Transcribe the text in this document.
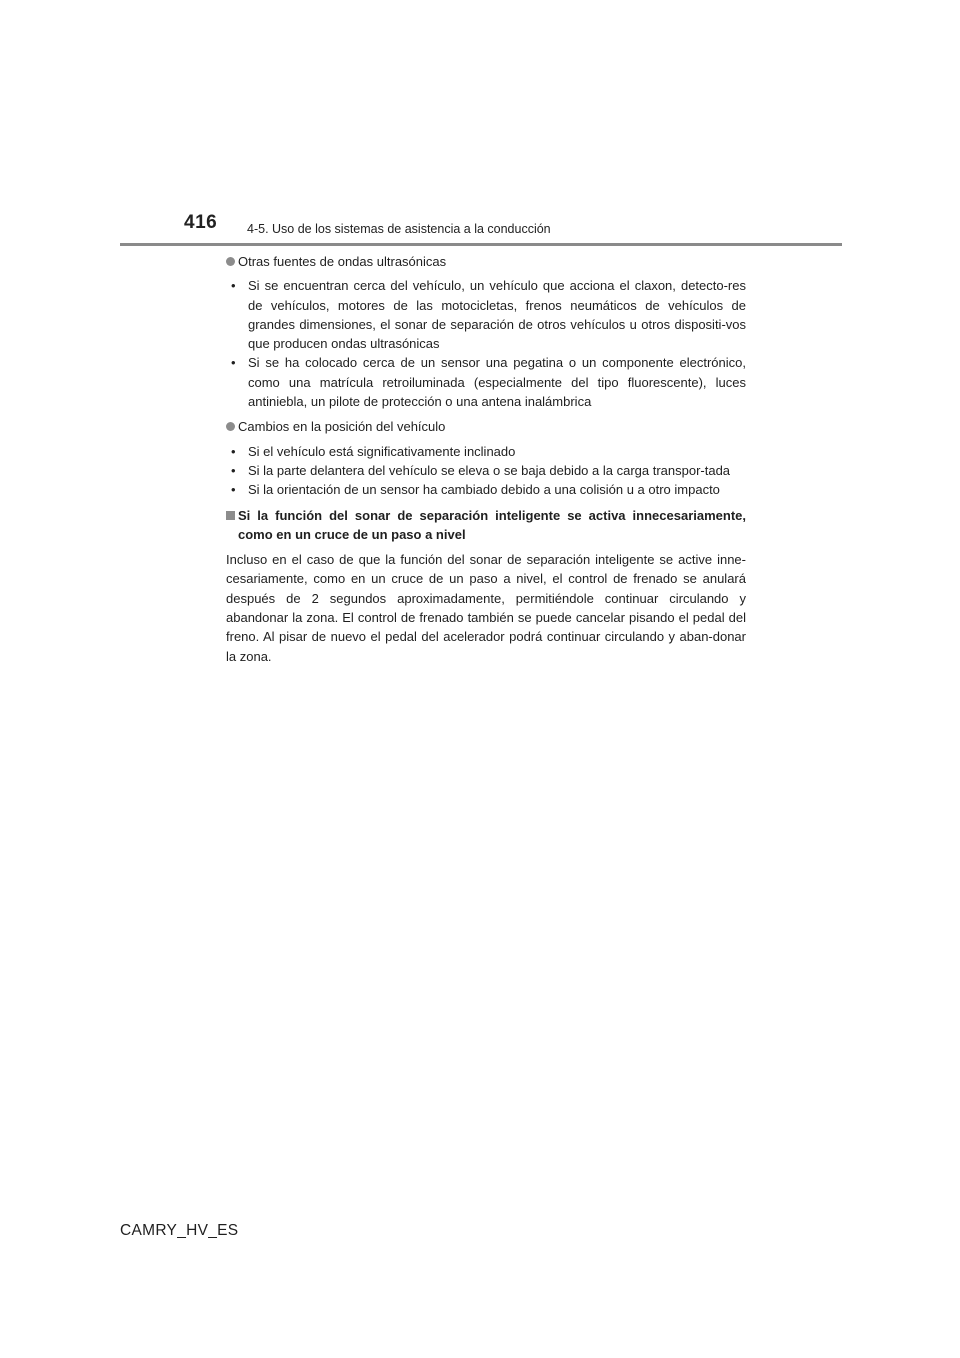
416 4-5. Uso de los sistemas de asistencia a la conducción
Otras fuentes de ondas ultrasónicas
• Si se encuentran cerca del vehículo, un vehículo que acciona el claxon, detecto-res de vehículos, motores de las motocicletas, frenos neumáticos de vehículos de grandes dimensiones, el sonar de separación de otros vehículos u otros dispositi-vos que producen ondas ultrasónicas
• Si se ha colocado cerca de un sensor una pegatina o un componente electrónico, como una matrícula retroiluminada (especialmente del tipo fluorescente), luces antiniebla, un pilote de protección o una antena inalámbrica
Cambios en la posición del vehículo
• Si el vehículo está significativamente inclinado
• Si la parte delantera del vehículo se eleva o se baja debido a la carga transpor-tada
• Si la orientación de un sensor ha cambiado debido a una colisión u a otro impacto
Si la función del sonar de separación inteligente se activa innecesariamente, como en un cruce de un paso a nivel
Incluso en el caso de que la función del sonar de separación inteligente se active inne-cesariamente, como en un cruce de un paso a nivel, el control de frenado se anulará después de 2 segundos aproximadamente, permitiéndole continuar circulando y abandonar la zona. El control de frenado también se puede cancelar pisando el pedal del freno. Al pisar de nuevo el pedal del acelerador podrá continuar circulando y aban-donar la zona.
CAMRY_HV_ES
